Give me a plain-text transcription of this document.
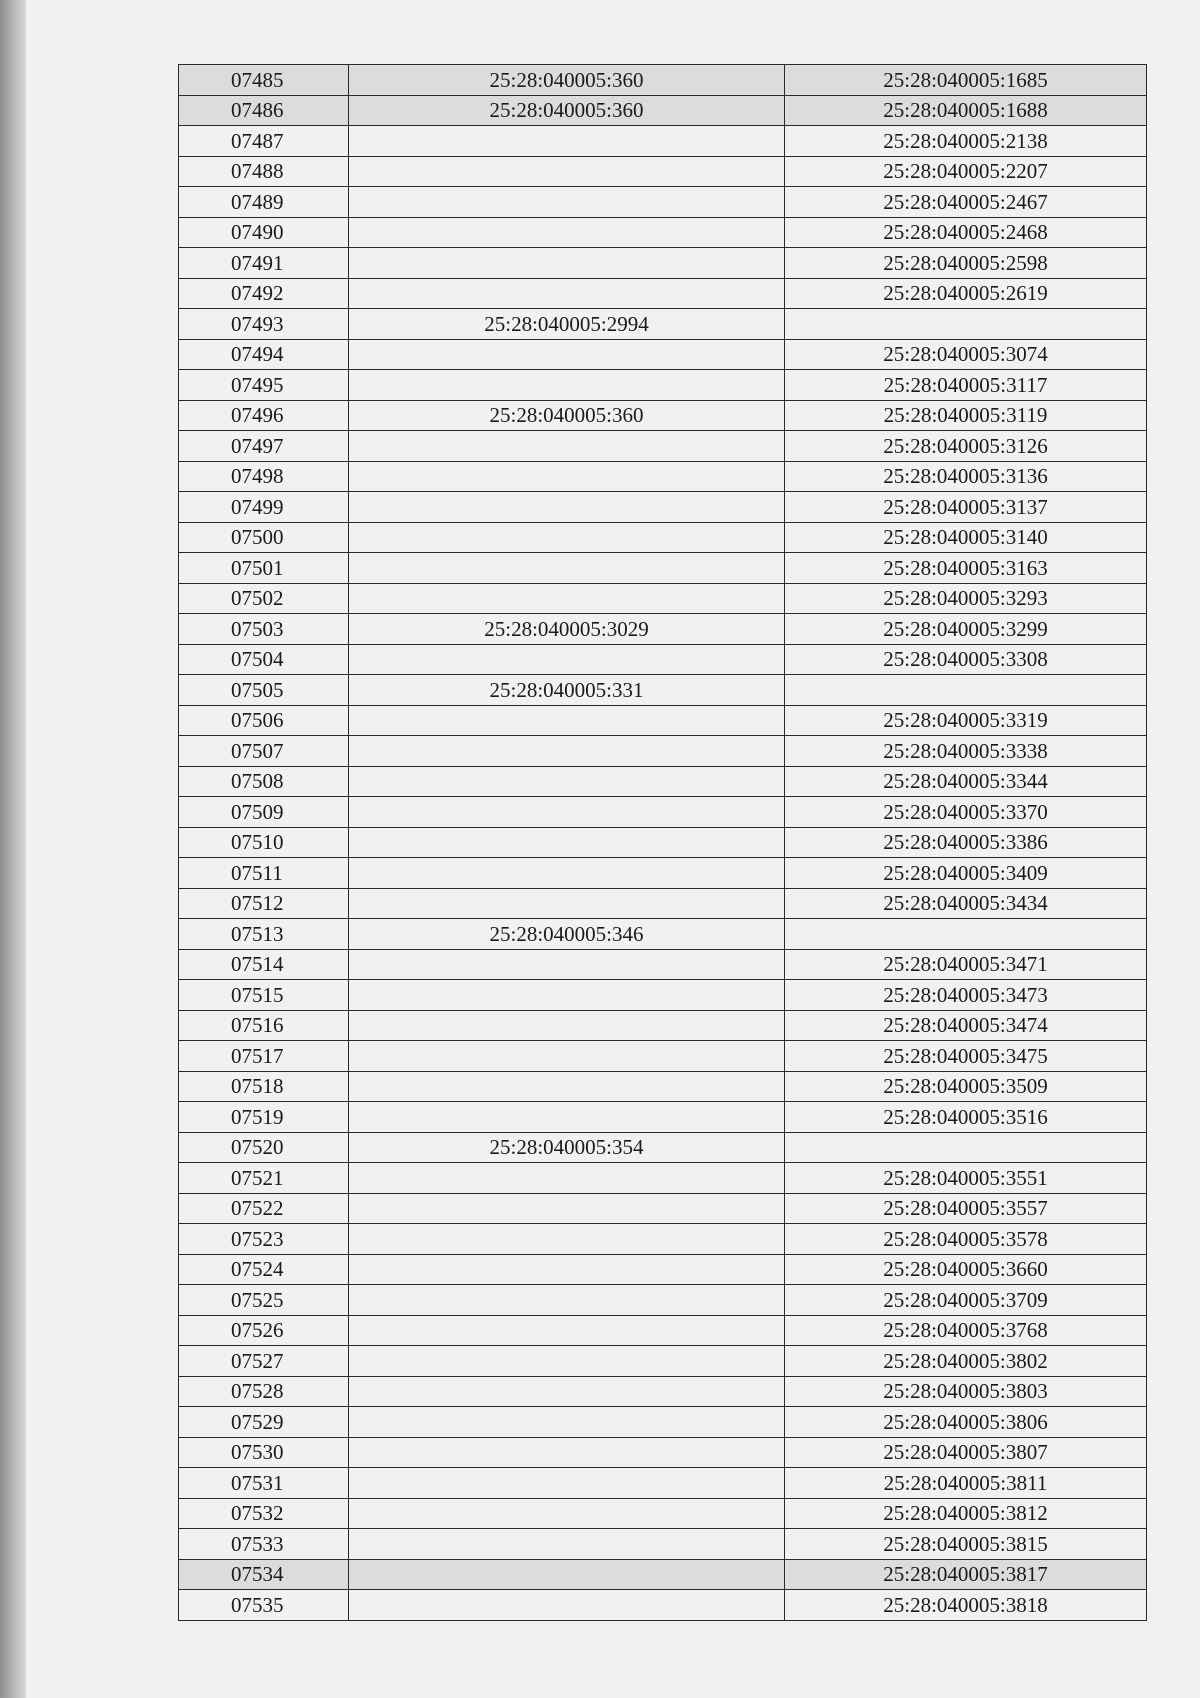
07485	25:28:040005:360	25:28:040005:1685
07486	25:28:040005:360	25:28:040005:1688
07487		25:28:040005:2138
07488		25:28:040005:2207
07489		25:28:040005:2467
07490		25:28:040005:2468
07491		25:28:040005:2598
07492		25:28:040005:2619
07493	25:28:040005:2994	
07494		25:28:040005:3074
07495		25:28:040005:3117
07496	25:28:040005:360	25:28:040005:3119
07497		25:28:040005:3126
07498		25:28:040005:3136
07499		25:28:040005:3137
07500		25:28:040005:3140
07501		25:28:040005:3163
07502		25:28:040005:3293
07503	25:28:040005:3029	25:28:040005:3299
07504		25:28:040005:3308
07505	25:28:040005:331	
07506		25:28:040005:3319
07507		25:28:040005:3338
07508		25:28:040005:3344
07509		25:28:040005:3370
07510		25:28:040005:3386
07511		25:28:040005:3409
07512		25:28:040005:3434
07513	25:28:040005:346	
07514		25:28:040005:3471
07515		25:28:040005:3473
07516		25:28:040005:3474
07517		25:28:040005:3475
07518		25:28:040005:3509
07519		25:28:040005:3516
07520	25:28:040005:354	
07521		25:28:040005:3551
07522		25:28:040005:3557
07523		25:28:040005:3578
07524		25:28:040005:3660
07525		25:28:040005:3709
07526		25:28:040005:3768
07527		25:28:040005:3802
07528		25:28:040005:3803
07529		25:28:040005:3806
07530		25:28:040005:3807
07531		25:28:040005:3811
07532		25:28:040005:3812
07533		25:28:040005:3815
07534		25:28:040005:3817
07535		25:28:040005:3818
